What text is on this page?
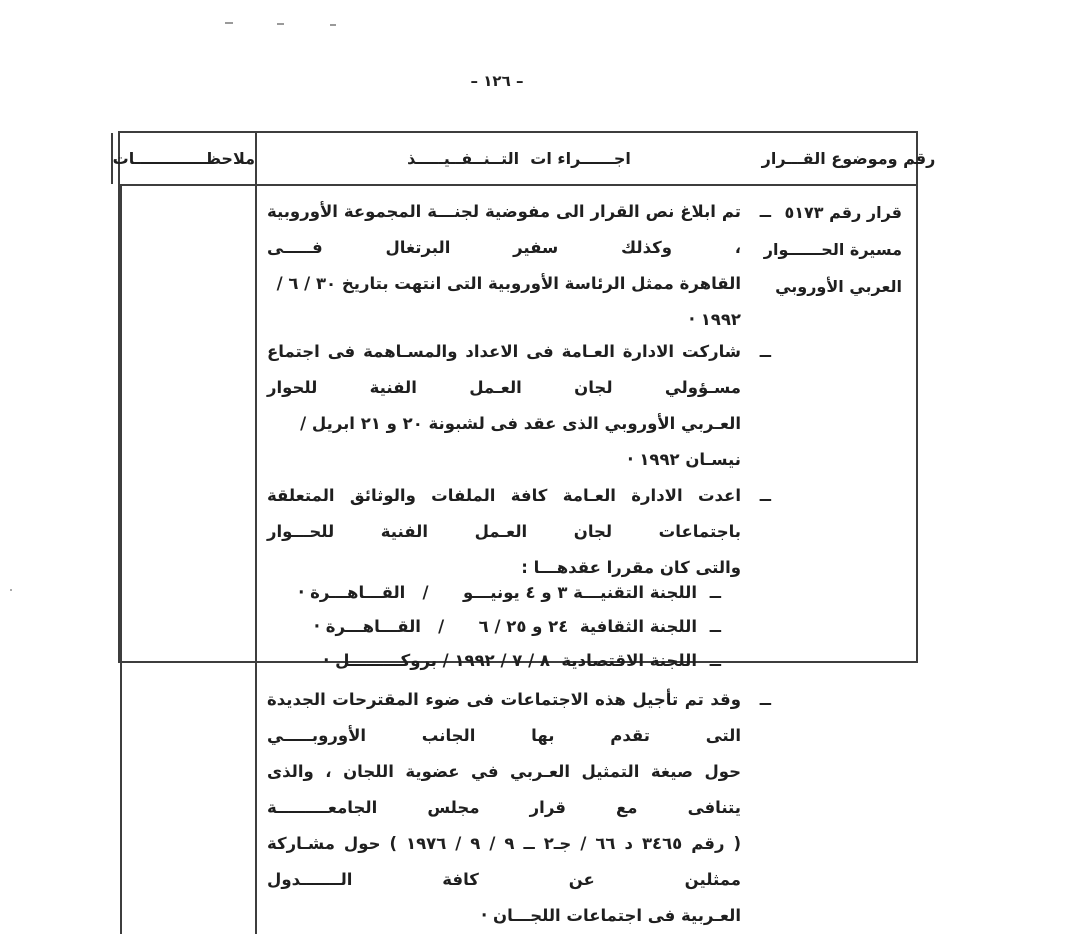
– ١٢٦ –
رقم وموضوع القـــرار
اجــــــراء ات  التــنــفــيـــــذ
ملاحظـــــــــــــات
قرار رقم ٥١٧٣
مسيرة الحــــــوار
العربي الأوروبي
ــ
تم ابلاغ نص القرار الى مفوضية لجنـــة المجموعة الأوروبية ، وكذلك سفير البرتغال فـــــى
القاهرة ممثل الرئاسة الأوروبية التى انتهت بتاريخ ٣٠ / ٦ / ١٩٩٢ ·
ــ
شاركت الادارة العـامة فى الاعداد والمسـاهمة فى اجتماع مسـؤولي لجان العـمل الفنية للحوار
العـربي الأوروبي الذى عقد فى لشبونة ٢٠ و ٢١ ابريل / نيسـان ١٩٩٢ ·
ــ
اعدت الادارة العـامة كافة الملفات والوثائق المتعلقة باجتماعات لجان العـمل الفنية للحـــوار
والتى كان مقررا عقدهـــا :
ــ
اللجنة التقنيـــة ٣ و ٤ يونيـــو      /   القـــاهـــرة ·
ــ
اللجنة الثقافية  ٢٤ و ٢٥ / ٦      /   القـــاهـــرة ·
ــ
اللجنة الاقتصادية  ٨ / ٧ / ١٩٩٢ / بروكـــــــــل ·
ــ
وقد تم تأجيل هذه الاجتماعات فى ضوء المقترحات الجديدة التى تقدم بها الجانب الأوروبـــــي
حول صيغة التمثيل العـربي في عضوية اللجان ، والذى يتنافى مع قرار مجلس الجامعـــــــــة
( رقم ٣٤٦٥ د ٦٦ / جـ٢ ــ ٩ / ٩ / ١٩٧٦ ) حول مشـاركة ممثلين عن كافة الـــــــدول
العـربية فى اجتماعات اللجـــان ·
